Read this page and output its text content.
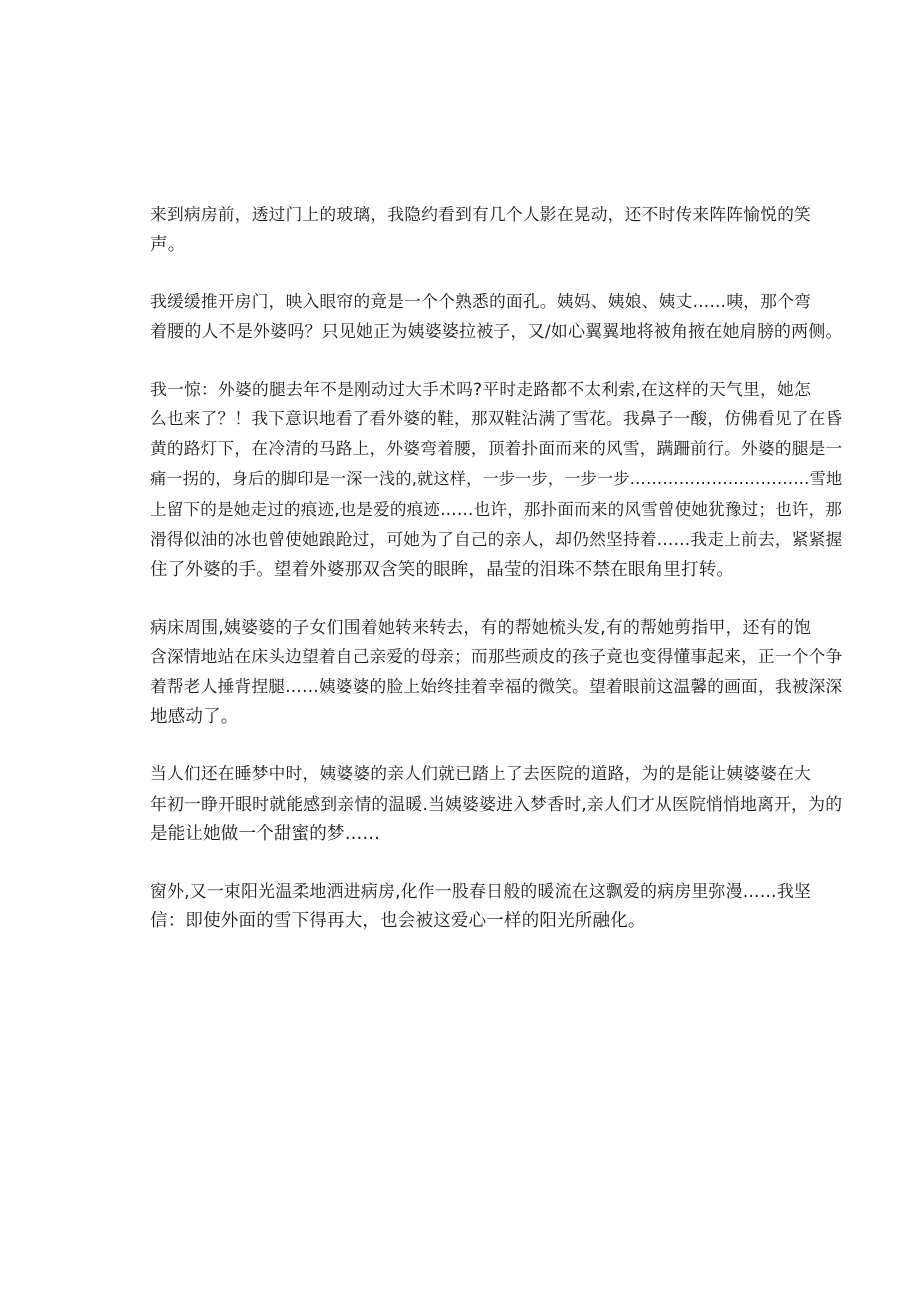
来到病房前，透过门上的玻璃，我隐约看到有几个人影在晃动，还不时传来阵阵愉悦的笑
声。
我缓缓推开房门，映入眼帘的竟是一个个熟悉的面孔。姨妈、姨娘、姨丈……咦，那个弯
着腰的人不是外婆吗？只见她正为姨婆婆拉被子，又/如心翼翼地将被角掖在她肩膀的两侧。
我一惊：外婆的腿去年不是刚动过大手术吗?平时走路都不太利索,在这样的天气里，她怎
么也来了？！我下意识地看了看外婆的鞋，那双鞋沾满了雪花。我鼻子一酸，仿佛看见了在昏
黄的路灯下，在冷清的马路上，外婆弯着腰，顶着扑面而来的风雪，蹒跚前行。外婆的腿是一
痛一拐的，身后的脚印是一深一浅的,就这样，一步一步，一步一步……………………………雪地
上留下的是她走过的痕迹,也是爱的痕迹……也许，那扑面而来的风雪曾使她犹豫过；也许，那
滑得似油的冰也曾使她踉跄过，可她为了自己的亲人，却仍然坚持着……我走上前去，紧紧握
住了外婆的手。望着外婆那双含笑的眼眸，晶莹的泪珠不禁在眼角里打转。
病床周围,姨婆婆的子女们围着她转来转去，有的帮她梳头发,有的帮她剪指甲，还有的饱
含深情地站在床头边望着自己亲爱的母亲；而那些顽皮的孩子竟也变得懂事起来，正一个个争
着帮老人捶背捏腿……姨婆婆的脸上始终挂着幸福的微笑。望着眼前这温馨的画面，我被深深
地感动了。
当人们还在睡梦中时，姨婆婆的亲人们就已踏上了去医院的道路，为的是能让姨婆婆在大
年初一睁开眼时就能感到亲情的温暖.当姨婆婆进入梦香时,亲人们才从医院悄悄地离开，为的
是能让她做一个甜蜜的梦……
窗外,又一束阳光温柔地洒进病房,化作一股春日般的暖流在这飘爱的病房里弥漫……我坚
信：即使外面的雪下得再大，也会被这爱心一样的阳光所融化。
